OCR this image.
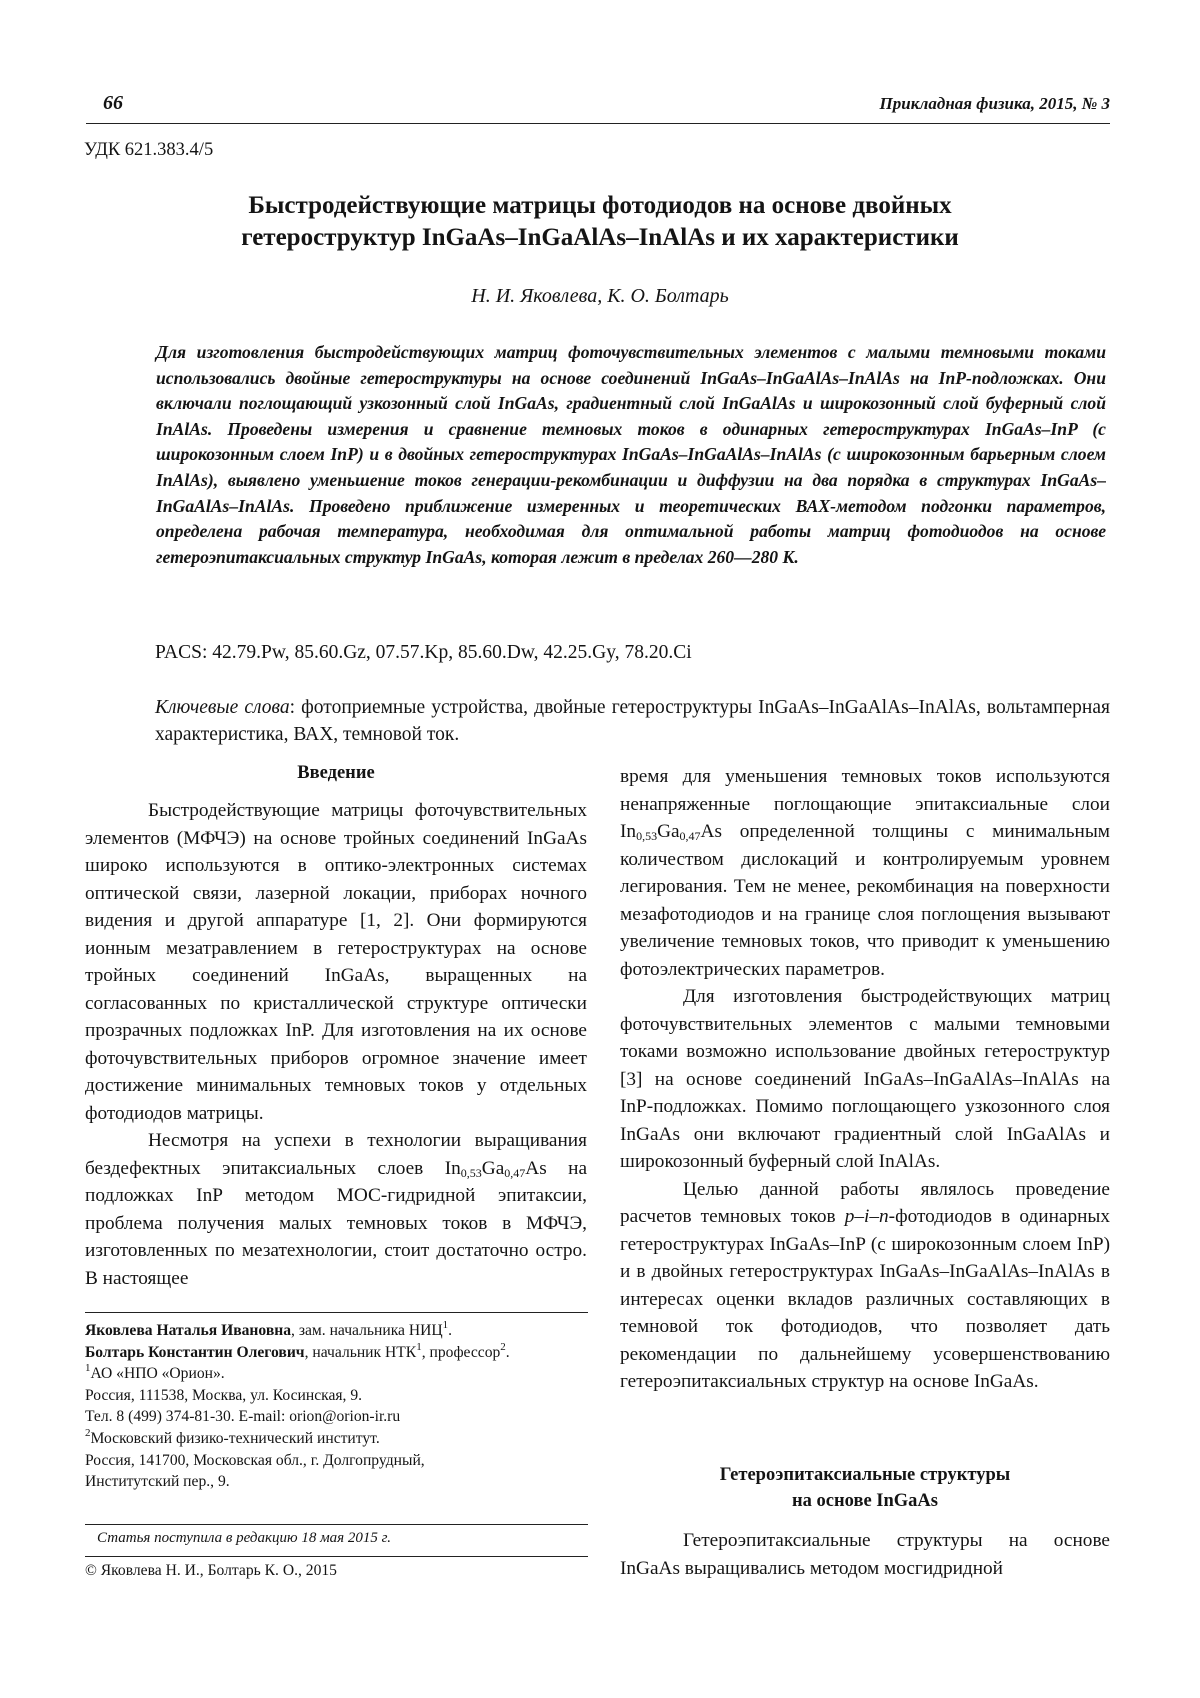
66	Прикладная физика, 2015, № 3
УДК 621.383.4/5
Быстродействующие матрицы фотодиодов на основе двойных
гетероструктур InGaAs–InGaAlAs–InAlAs и их характеристики
Н. И. Яковлева, К. О. Болтарь
Для изготовления быстродействующих матриц фоточувствительных элементов с малыми темновыми токами использовались двойные гетероструктуры на основе соединений InGaAs–InGaAlAs–InAlAs на InP-подложках. Они включали поглощающий узкозонный слой InGaAs, градиентный слой InGaAlAs и широкозонный слой буферный слой InAlAs. Проведены измерения и сравнение темновых токов в одинарных гетероструктурах InGaAs–InP (с широкозонным слоем InP) и в двойных гетероструктурах InGaAs–InGaAlAs–InAlAs (с широкозонным барьерным слоем InAlAs), выявлено уменьшение токов генерации-рекомбинации и диффузии на два порядка в структурах InGaAs–InGaAlAs–InAlAs. Проведено приближение измеренных и теоретических ВАХ-методом подгонки параметров, определена рабочая температура, необходимая для оптимальной работы матриц фотодиодов на основе гетероэпитаксиальных структур InGaAs, которая лежит в пределах 260—280 К.
PACS: 42.79.Pw, 85.60.Gz, 07.57.Kp, 85.60.Dw, 42.25.Gy, 78.20.Ci
Ключевые слова: фотоприемные устройства, двойные гетероструктуры InGaAs–InGaAlAs–InAlAs, вольтамперная характеристика, ВАХ, темновой ток.
Введение

Быстродействующие матрицы фоточувствительных элементов (МФЧЭ) на основе тройных соединений InGaAs широко используются в оптико-электронных системах оптической связи, лазерной локации, приборах ночного видения и другой аппаратуре [1, 2]. Они формируются ионным мезатравлением в гетероструктурах на основе тройных соединений InGaAs, выращенных на согласованных по кристаллической структуре оптически прозрачных подложках InP. Для изготовления на их основе фоточувствительных приборов огромное значение имеет достижение минимальных темновых токов у отдельных фотодиодов матрицы.

Несмотря на успехи в технологии выращивания бездефектных эпитаксиальных слоев $In_{0,53}Ga_{0,47}As$ на подложках InP методом МОС-гидридной эпитаксии, проблема получения малых темновых токов в МФЧЭ, изготовленных по мезатехнологии, стоит достаточно остро. В настоящее

Яковлева Наталья Ивановна, зам. начальника НИЦ$^1$.
Болтарь Константин Олегович, начальник НТК$^1$, профессор$^2$.
$^1$АО «НПО «Орион».
Россия, 111538, Москва, ул. Косинская, 9.
Тел. 8 (499) 374-81-30. E-mail: orion@orion-ir.ru
$^2$Московский физико-технический институт.
Россия, 141700, Московская обл., г. Долгопрудный,
Институтский пер., 9.
Статья поступила в редакцию 18 мая 2015 г.
© Яковлева Н. И., Болтарь К. О., 2015

время для уменьшения темновых токов используются ненапряженные поглощающие эпитаксиальные слои $In_{0,53}Ga_{0,47}As$ определенной толщины с минимальным количеством дислокаций и контролируемым уровнем легирования. Тем не менее, рекомбинация на поверхности мезафотодиодов и на границе слоя поглощения вызывают увеличение темновых токов, что приводит к уменьшению фотоэлектрических параметров.

Для изготовления быстродействующих матриц фоточувствительных элементов с малыми темновыми токами возможно использование двойных гетероструктур [3] на основе соединений InGaAs–InGaAlAs–InAlAs на InP-подложках. Помимо поглощающего узкозонного слоя InGaAs они включают градиентный слой InGaAlAs и широкозонный буферный слой InAlAs.

Целью данной работы являлось проведение расчетов темновых токов p–i–n-фотодиодов в одинарных гетероструктурах InGaAs–InP (с широкозонным слоем InP) и в двойных гетероструктурах InGaAs–InGaAlAs–InAlAs в интересах оценки вкладов различных составляющих в темновой ток фотодиодов, что позволяет дать рекомендации по дальнейшему усовершенствованию гетероэпитаксиальных структур на основе InGaAs.

Гетероэпитаксиальные структуры
на основе InGaAs

Гетероэпитаксиальные структуры на основе InGaAs выращивались методом мосгидридной
